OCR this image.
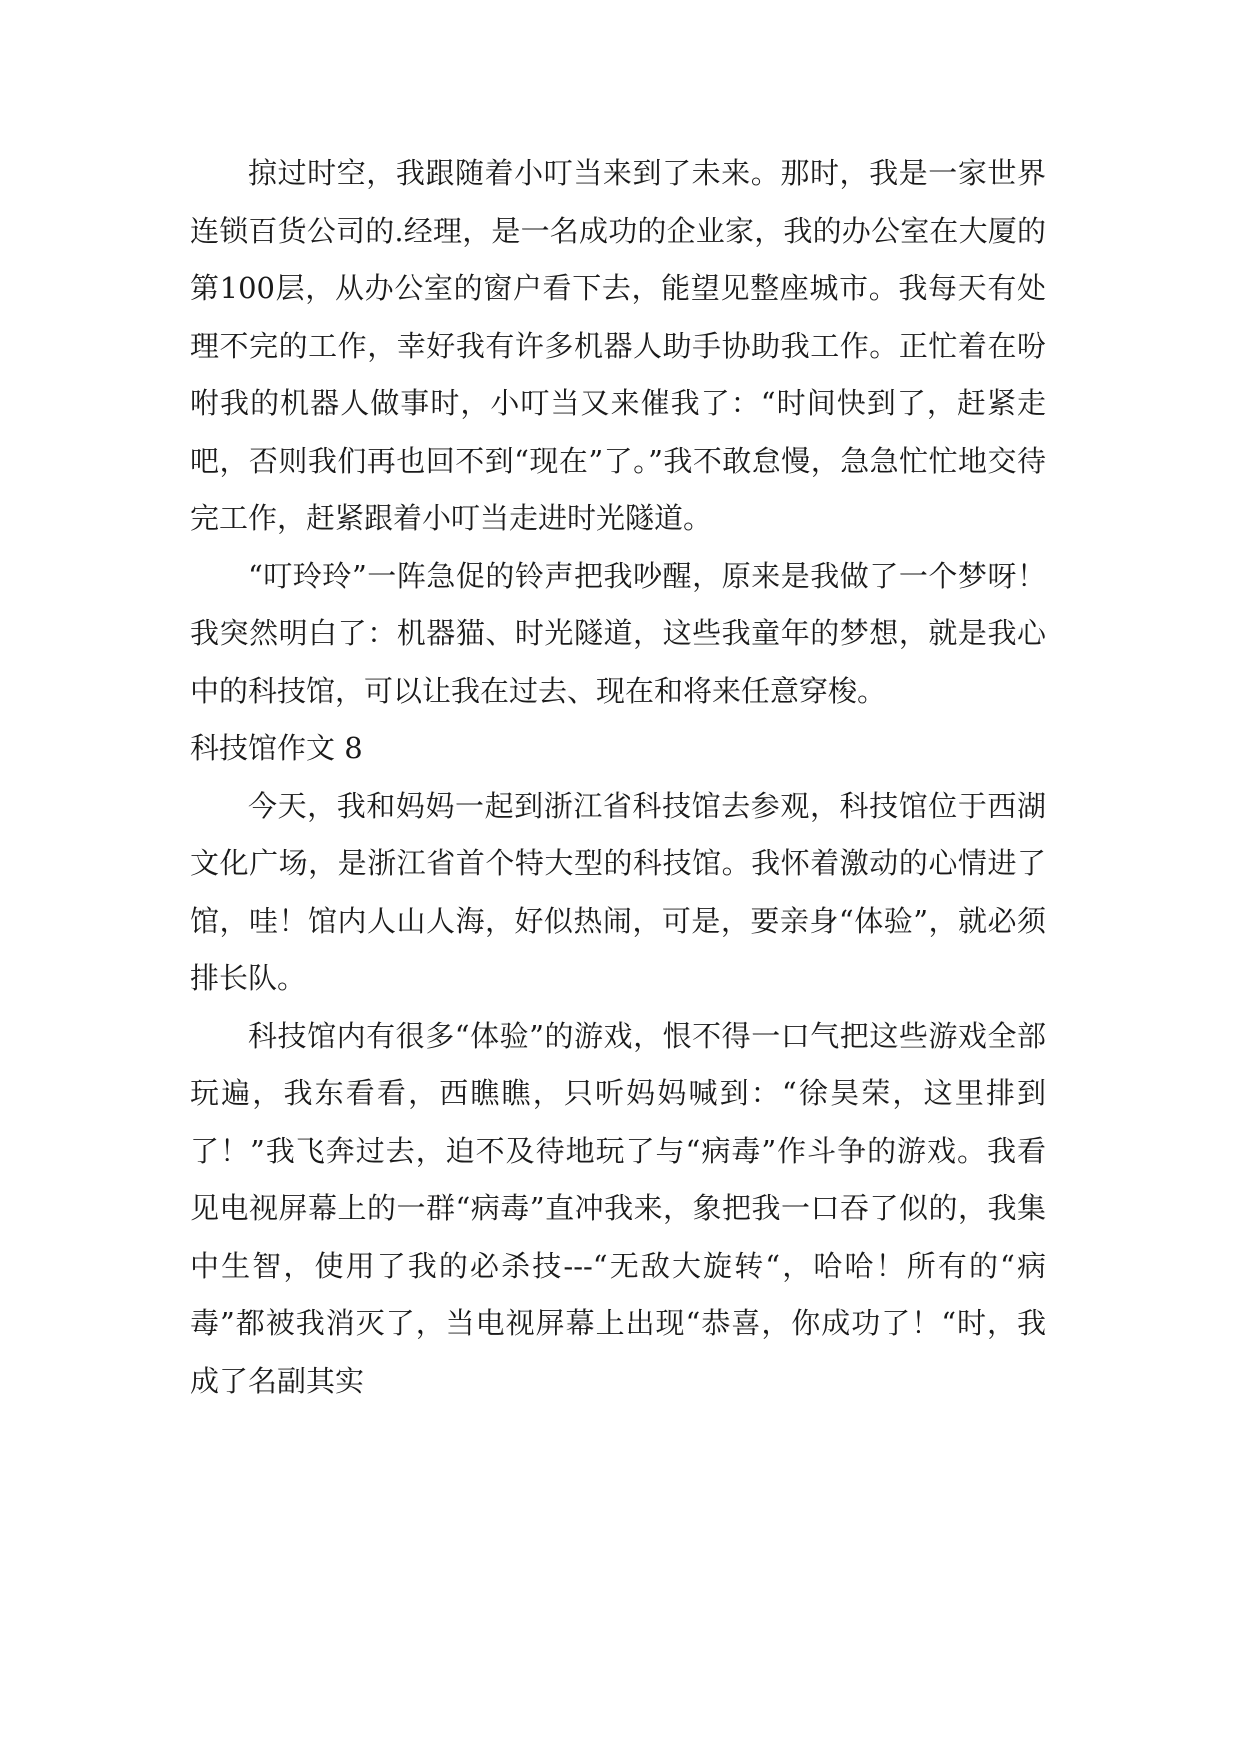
掠过时空，我跟随着小叮当来到了未来。那时，我是一家世界连锁百货公司的.经理，是一名成功的企业家，我的办公室在大厦的第100层，从办公室的窗户看下去，能望见整座城市。我每天有处理不完的工作，幸好我有许多机器人助手协助我工作。正忙着在吩咐我的机器人做事时，小叮当又来催我了：“时间快到了，赶紧走吧，否则我们再也回不到“现在”了。”我不敢怠慢，急急忙忙地交待完工作，赶紧跟着小叮当走进时光隧道。

“叮玲玲”一阵急促的铃声把我吵醒，原来是我做了一个梦呀！我突然明白了：机器猫、时光隧道，这些我童年的梦想，就是我心中的科技馆，可以让我在过去、现在和将来任意穿梭。

科技馆作文 8

今天，我和妈妈一起到浙江省科技馆去参观，科技馆位于西湖文化广场，是浙江省首个特大型的科技馆。我怀着激动的心情进了馆，哇！馆内人山人海，好似热闹，可是，要亲身“体验”，就必须排长队。

科技馆内有很多“体验”的游戏，恨不得一口气把这些游戏全部玩遍，我东看看，西瞧瞧，只听妈妈喊到：“徐昊荣，这里排到了！”我飞奔过去，迫不及待地玩了与“病毒”作斗争的游戏。我看见电视屏幕上的一群“病毒”直冲我来，象把我一口吞了似的，我集中生智，使用了我的必杀技---“无敌大旋转“，哈哈！所有的“病毒”都被我消灭了，当电视屏幕上出现“恭喜，你成功了！“时，我成了名副其实
